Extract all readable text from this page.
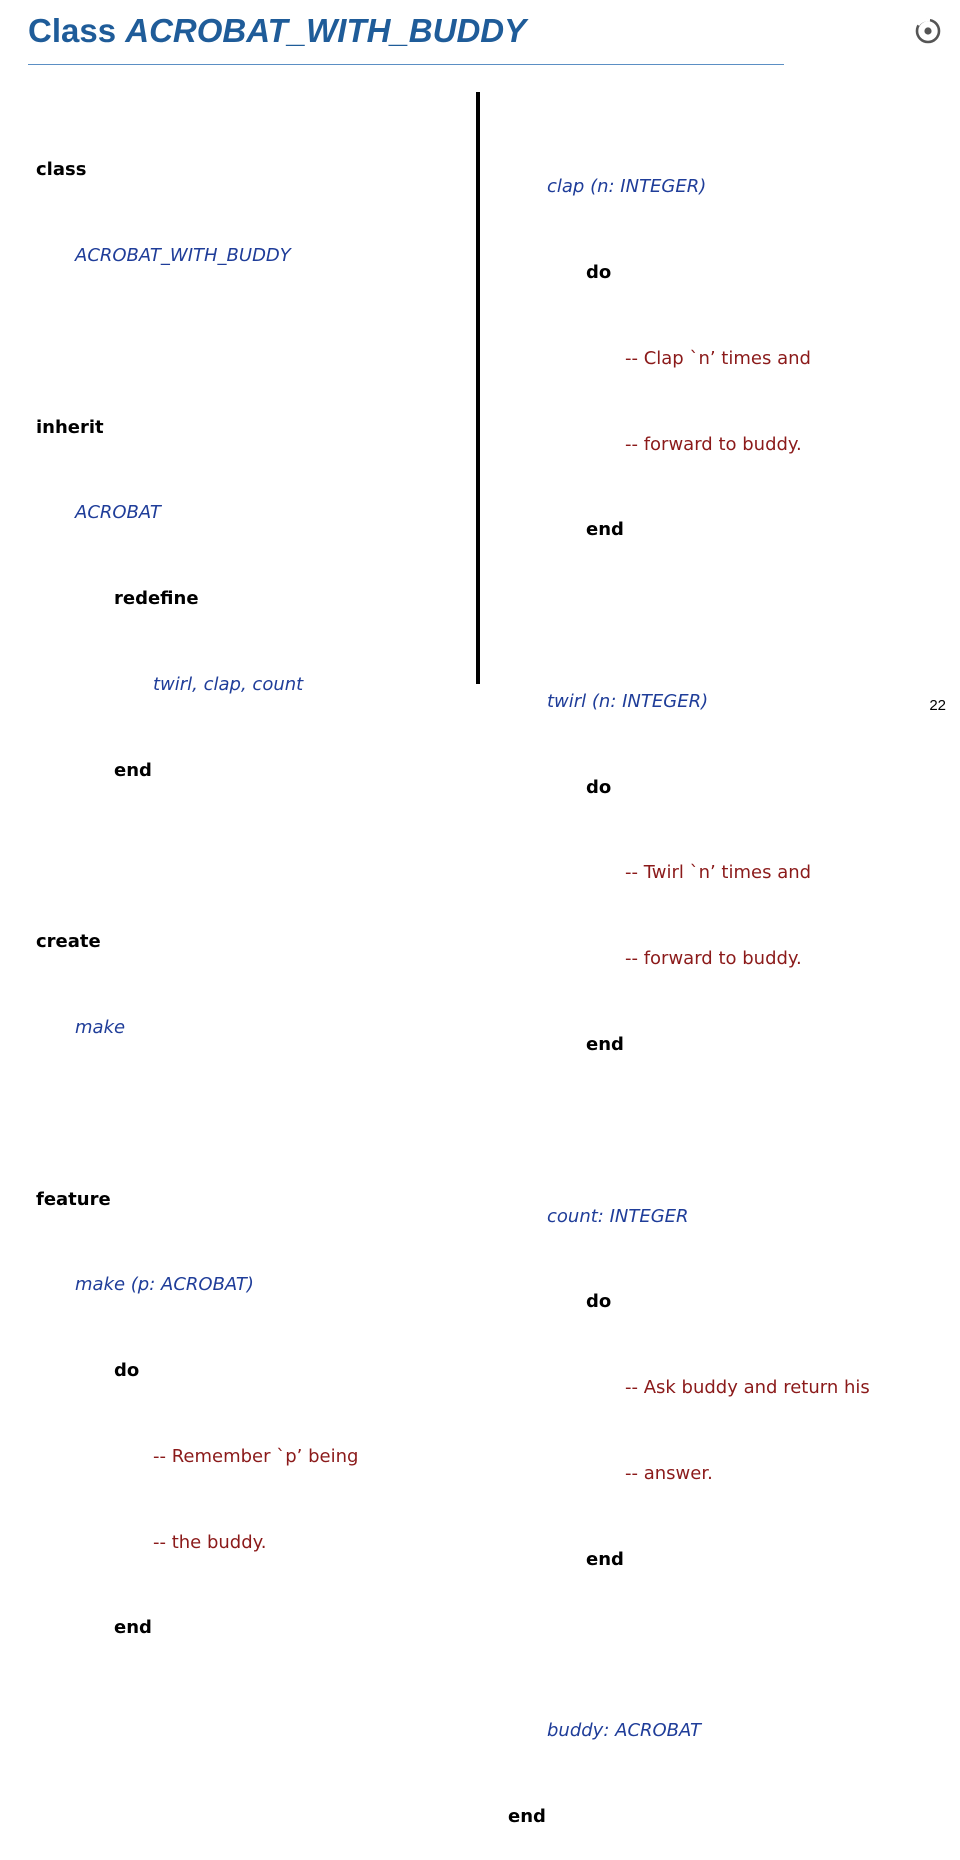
Class ACROBAT_WITH_BUDDY

class

ACROBAT_WITH_BUDDY

inherit

ACROBAT

redefine

twirl, clap, count

end

create

make

feature

make (p: ACROBAT)

do

-- Remember `p’ being

-- the buddy.

end

clap (n: INTEGER)

do

-- Clap `n’ times and

-- forward to buddy.

end

twirl (n: INTEGER)

do

-- Twirl `n’ times and

-- forward to buddy.

end

count: INTEGER

do

-- Ask buddy and return his

-- answer.

end

buddy: ACROBAT

end

22
